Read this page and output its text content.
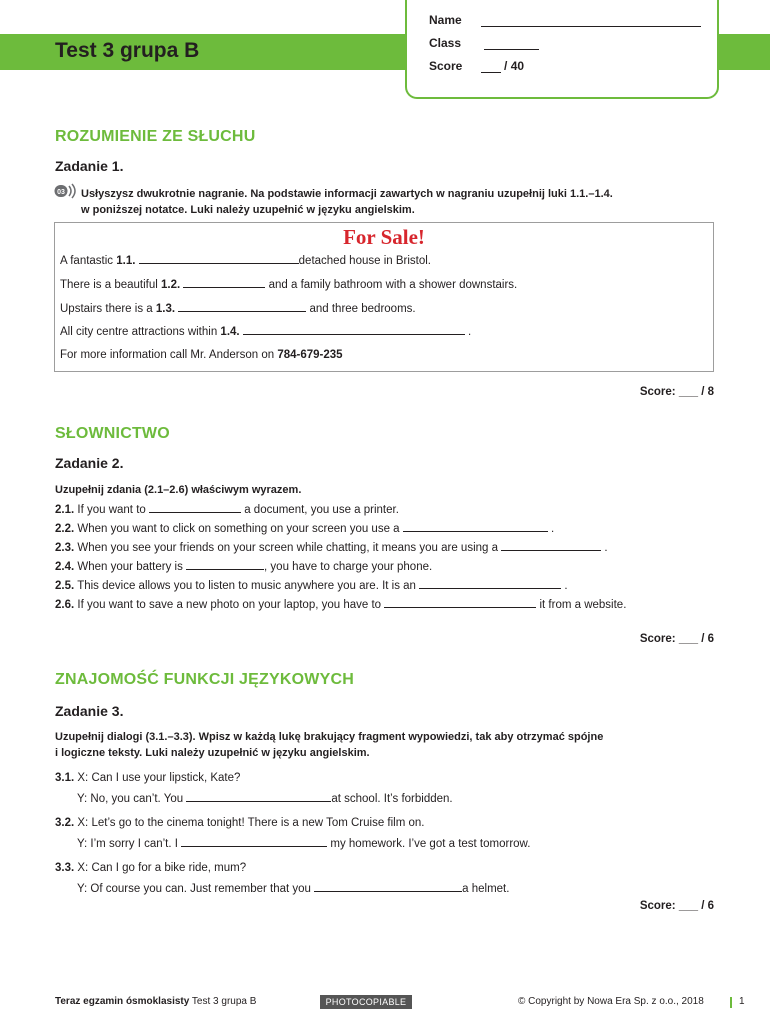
Test 3 grupa B
Name
Class
Score	/ 40
ROZUMIENIE ZE SŁUCHU
Zadanie 1.
03 Usłyszysz dwukrotnie nagranie. Na podstawie informacji zawartych w nagraniu uzupełnij luki 1.1.–1.4.
w poniższej notatce. Luki należy uzupełnić w języku angielskim.
For Sale!
A fantastic 1.1.	detached house in Bristol.
There is a beautiful 1.2.	and a family bathroom with a shower downstairs.
Upstairs there is a 1.3.	and three bedrooms.
All city centre attractions within 1.4.	.
For more information call Mr. Anderson on 784-679-235
Score: ___ / 8
SŁOWNICTWO
Zadanie 2.
Uzupełnij zdania (2.1–2.6) właściwym wyrazem.
2.1. If you want to	a document, you use a printer.
2.2. When you want to click on something on your screen you use a	.
2.3. When you see your friends on your screen while chatting, it means you are using a	.
2.4. When your battery is	, you have to charge your phone.
2.5. This device allows you to listen to music anywhere you are. It is an	.
2.6. If you want to save a new photo on your laptop, you have to	it from a website.
Score: ___ / 6
ZNAJOMOŚĆ FUNKCJI JĘZYKOWYCH
Zadanie 3.
Uzupełnij dialogi (3.1.–3.3). Wpisz w każdą lukę brakujący fragment wypowiedzi, tak aby otrzymać spójne
i logiczne teksty. Luki należy uzupełnić w języku angielskim.
3.1. X: Can I use your lipstick, Kate?
Y: No, you can’t. You	at school. It’s forbidden.
3.2. X: Let’s go to the cinema tonight! There is a new Tom Cruise film on.
Y: I’m sorry I can’t. I	my homework. I’ve got a test tomorrow.
3.3. X: Can I go for a bike ride, mum?
Y: Of course you can. Just remember that you	a helmet.
Score: ___ / 6
Teraz egzamin ósmoklasisty Test 3 grupa B	PHOTOCOPIABLE	© Copyright by Nowa Era Sp. z o.o., 2018	1
